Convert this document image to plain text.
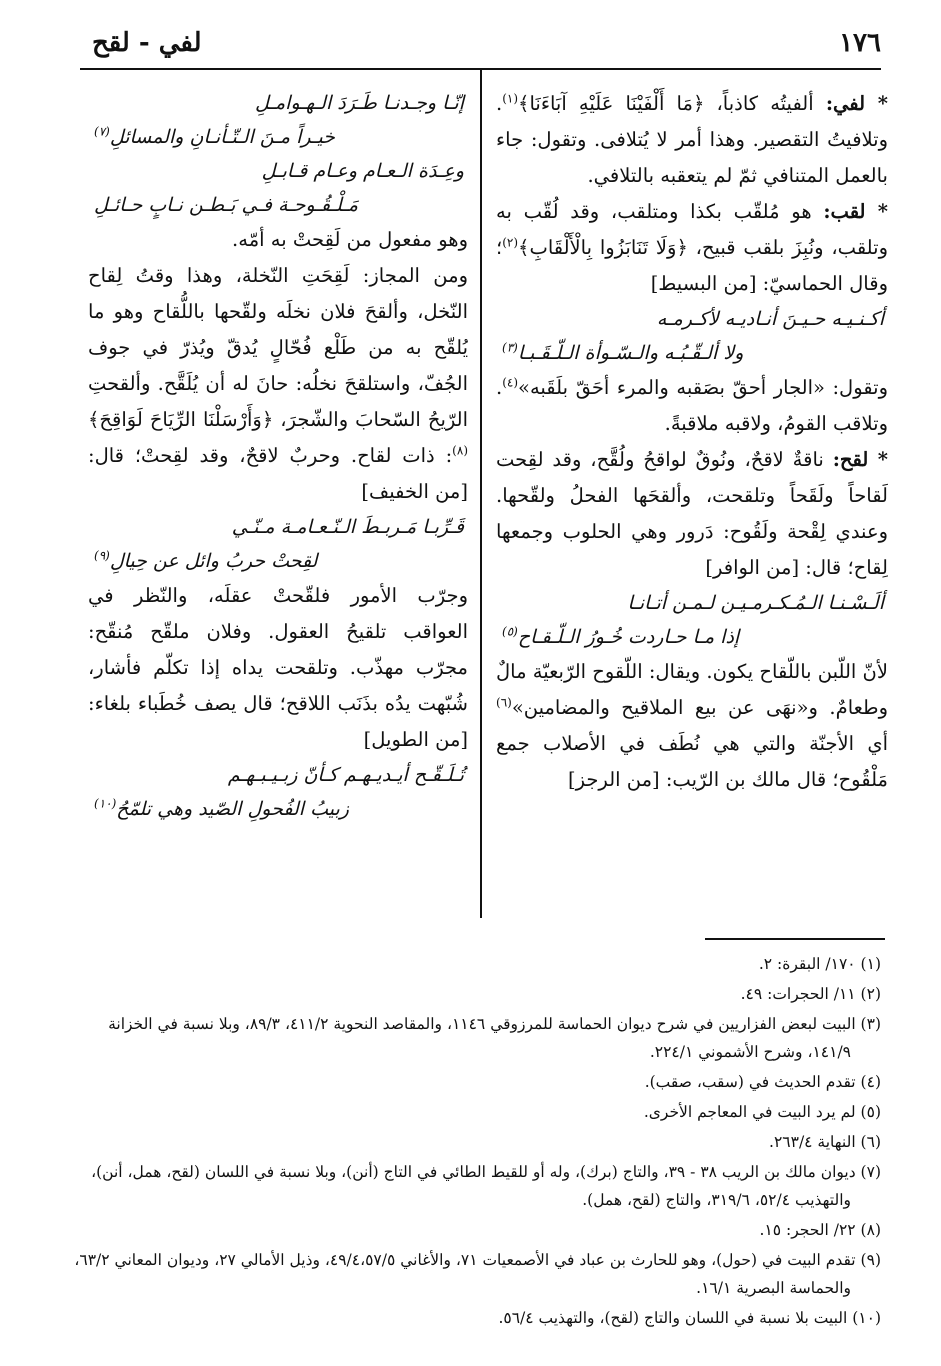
١٧٦
لفي - لقح

* لفي: ألفيتُه كاذباً، ﴿مَا أَلْفَيْنَا عَلَيْهِ آبَاءَنَا﴾$^{(١)}$. وتلافيتُ التقصير. وهذا أمر لا يُتلافى. وتقول: جاء بالعمل المتنافي ثمّ لم يتعقبه بالتلافي.

* لقب: هو مُلقّب بكذا ومتلقب، وقد لُقّب به وتلقب، ونُبِزَ بلقب قبيح، ﴿وَلَا تَنَابَزُوا بِالْأَلْقَابِ﴾$^{(٢)}$؛ وقال الحماسيّ: [من البسيط]

أكـنـيـه حـيـنَ أنـاديـه لأكـرمـه

ولا ألـقّـبُـه والـسّـوأة الـلّـقَـبـا$^{(٣)}$

وتقول: «الجار أحقّ بصَقبه والمرء أحَقّ بلَقَبه»$^{(٤)}$. وتلاقب القومُ، ولاقبه ملاقبةً.

* لقح: ناقةٌ لاقحٌ، ونُوقٌ لواقحُ ولُقَّح، وقد لقِحت لَقاحاً ولَقَحاً وتلقحت، وألقحَها الفحلُ ولقّحها. وعندي لِقْحة ولَقُوح: دَرور وهي الحلوب وجمعها لِقاح؛ قال: [من الوافر]

ألَـسْـنـا الـمُـكـرمـيـن لـمـن أتـانـا

إذا مـا حـاردت خُـورُ الـلّـقـاح$^{(٥)}$

لأنّ اللّبن باللّقاح يكون. ويقال: اللّقوح الرّبعيّة مالٌ وطعامٌ. و«نهَى عن بيع الملاقيح والمضامين»$^{(٦)}$ أي الأجنّة والتي هي نُطَف في الأصلاب جمع مَلْقُوح؛ قال مالك بن الرّيب: [من الرجز]

إنّـا وجـدنـا طَـرَدَ الـهـوامـلِ

خيـراً مـنَ الـتّـأنـانِ والمسائلِ$^{(٧)}$

وعِـدَة الـعـام وعـام قـابـلِ

مَـلْـقُـوحـة فـي بَـطـن نـابٍ حـائـلِ

وهو مفعول من لَقِحتْ به أمّه.

ومن المجاز: لَقِحَتِ النّخلة، وهذا وقتُ لِقاح النّخل، وألقحَ فلان نخلَه ولقّحها باللُّقاح وهو ما يُلقّح به من طَلْع فُحّالٍ يُدقّ ويُذرّ في جوف الجُفّ، واستلقحَ نخلُه: حانَ له أن يُلَقَّح. وألقحتِ الرّيحُ السّحابَ والشّجرَ، ﴿وَأَرْسَلْنَا الرِّيَاحَ لَوَاقِحَ﴾$^{(٨)}$: ذات لقاح. وحربٌ لاقحٌ، وقد لقِحتْ؛ قال: [من الخفيف]

قَـرِّبـا مَـربـطَ الـنّـعـامـة مـنّـي

لقِحتْ حربُ وائل عن حِيالِ$^{(٩)}$

وجرّب الأمور فلقّحتْ عقلَه، والنّظر في العواقب تلقيحُ العقول. وفلان ملقّح مُنقّح: مجرّب مهذّب. وتلقحت يداه إذا تكلّم فأشار، شُبّهت يدُه بذَنَب اللاقح؛ قال يصف خُطَباء بلغاء: [من الطويل]

تُـلَـقّـح أيـديـهـم كـأنّ زبـيـبـهـم

زبيبُ الفُحولِ الصّيد وهي تلمّحُ$^{(١٠)}$

(١) ١٧٠/ البقرة: ٢.

(٢) ١١/ الحجرات: ٤٩.

(٣) البيت لبعض الفزاريين في شرح ديوان الحماسة للمرزوقي ١١٤٦، والمقاصد النحوية ٤١١/٢، ٨٩/٣، وبلا نسبة في الخزانة ١٤١/٩، وشرح الأشموني ٢٢٤/١.

(٤) تقدم الحديث في (سقب، صقب).

(٥) لم يرد البيت في المعاجم الأخرى.

(٦) النهاية ٢٦٣/٤.

(٧) ديوان مالك بن الريب ٣٨ - ٣٩، والتاج (برك)، وله أو للقيط الطائي في التاج (أنن)، وبلا نسبة في اللسان (لقح، همل، أنن)، والتهذيب ٥٢/٤، ٣١٩/٦، والتاج (لقح، همل).

(٨) ٢٢/ الحجر: ١٥.

(٩) تقدم البيت في (حول)، وهو للحارث بن عباد في الأصمعيات ٧١، والأغاني ٤٩/٤،٥٧/٥، وذيل الأمالي ٢٧، وديوان المعاني ٦٣/٢، والحماسة البصرية ١٦/١.

(١٠) البيت بلا نسبة في اللسان والتاج (لقح)، والتهذيب ٥٦/٤.
